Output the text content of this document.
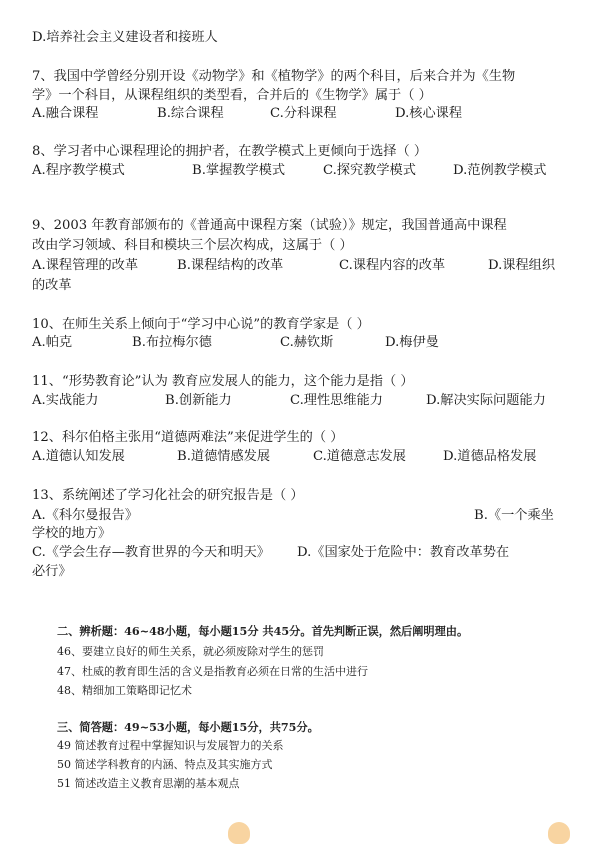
D.培养社会主义建设者和接班人
7、我国中学曾经分别开设《动物学》和《植物学》的两个科目，后来合并为《生物
学》一个科目，从课程组织的类型看，合并后的《生物学》属于（ ）
A.融合课程	B.综合课程	C.分科课程	D.核心课程
8、学习者中心课程理论的拥护者，在教学模式上更倾向于选择（ ）
A.程序教学模式	B.掌握教学模式	C.探究教学模式	D.范例教学模式
9、2003 年教育部颁布的《普通高中课程方案（试验）》规定，我国普通高中课程
改由学习领域、科目和模块三个层次构成，这属于（ ）
A.课程管理的改革	B.课程结构的改革	C.课程内容的改革	D.课程组织
的改革
10、在师生关系上倾向于“学习中心说”的教育学家是（ ）
A.帕克	B.布拉梅尔德	C.赫钦斯	D.梅伊曼
11、“形势教育论”认为 教育应发展人的能力，这个能力是指（ ）
A.实战能力	B.创新能力	C.理性思维能力	D.解决实际问题能力
12、科尔伯格主张用“道德两难法”来促进学生的（ ）
A.道德认知发展	B.道德情感发展	C.道德意志发展	D.道德品格发展
13、系统阐述了学习化社会的研究报告是（ ）
A.《科尔曼报告》	B.《一个乘坐
学校的地方》
C.《学会生存—教育世界的今天和明天》 D.《国家处于危险中：教育改革势在
必行》
二、辨析题：46~48小题，每小题15分 共45分。首先判断正误，然后阐明理由。
46、要建立良好的师生关系，就必须废除对学生的惩罚
47、杜威的教育即生活的含义是指教育必须在日常的生活中进行
48、精细加工策略即记忆术
三、简答题：49~53小题，每小题15分，共75分。
49 简述教育过程中掌握知识与发展智力的关系
50 简述学科教育的内涵、特点及其实施方式
51 简述改造主义教育思潮的基本观点
